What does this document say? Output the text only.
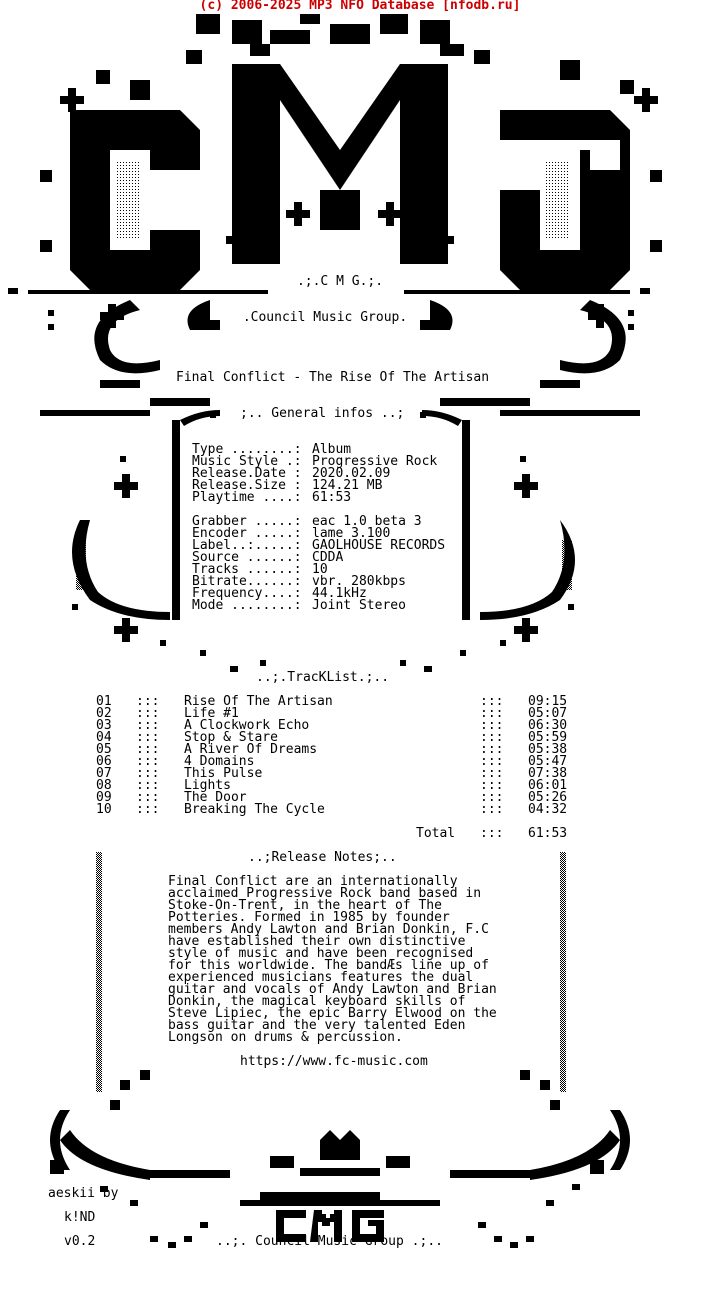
(c) 2006-2025 MP3 NFO Database [nfodb.ru]
.;.C M G.;.
.Council Music Group.
Final Conflict - The Rise Of The Artisan
;.. General infos ..;
Type ........: Album
Music Style .: Progressive Rock
Release.Date : 2020.02.09
Release.Size : 124.21 MB
Playtime ....: 61:53
Grabber .....: eac 1.0 beta 3
Encoder .....: lame 3.100
Label..:.....: GAOLHOUSE RECORDS
Source ......: CDDA
Tracks ......: 10
Bitrate......: vbr. 280kbps
Frequency....: 44.1kHz
Mode ........: Joint Stereo
..;.TracKList.;..
01 ::: Rise Of The Artisan	::: 09:15
02 ::: Life #1	::: 05:07
03 ::: A Clockwork Echo	::: 06:30
04 ::: Stop & Stare	::: 05:59
05 ::: A River Of Dreams	::: 05:38
06 ::: 4 Domains	::: 05:47
07 ::: This Pulse	::: 07:38
08 ::: Lights	::: 06:01
09 ::: The Door	::: 05:26
10 ::: Breaking The Cycle	::: 04:32
Total ::: 61:53
..;Release Notes;..
Final Conflict are an internationally
acclaimed Progressive Rock band based in
Stoke-On-Trent, in the heart of The
Potteries. Formed in 1985 by founder
members Andy Lawton and Brian Donkin, F.C
have established their own distinctive
style of music and have been recognised
for this worldwide. The bandÆs line up of
experienced musicians features the dual
guitar and vocals of Andy Lawton and Brian
Donkin, the magical keyboard skills of
Steve Lipiec, the epic Barry Elwood on the
bass guitar and the very talented Eden
Longson on drums & percussion.
https://www.fc-music.com
aeskii by
k!ND
v0.2	..;. Council Music Group .;..
